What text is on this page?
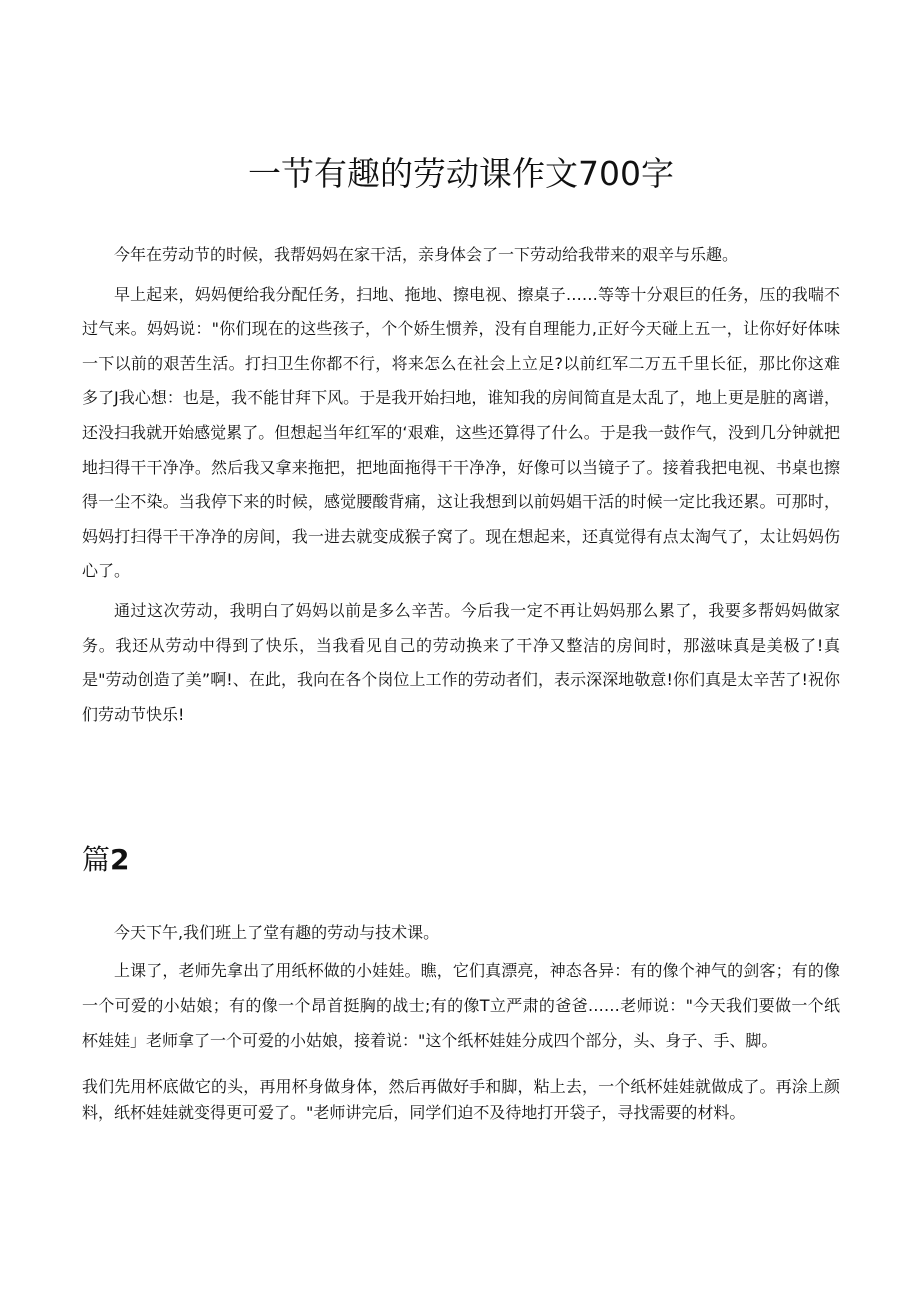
一节有趣的劳动课作文700字

今年在劳动节的时候，我帮妈妈在家干活，亲身体会了一下劳动给我带来的艰辛与乐趣。

早上起来，妈妈便给我分配任务，扫地、拖地、擦电视、擦桌子……等等十分艰巨的任务，压的我喘不过气来。妈妈说："你们现在的这些孩子，个个娇生惯养，没有自理能力,正好今天碰上五一，让你好好体味一下以前的艰苦生活。打扫卫生你都不行，将来怎么在社会上立足?以前红军二万五千里长征，那比你这难多了J我心想：也是，我不能甘拜下风。于是我开始扫地，谁知我的房间简直是太乱了，地上更是脏的离谱，还没扫我就开始感觉累了。但想起当年红军的‘艰难，这些还算得了什么。于是我一鼓作气，没到几分钟就把地扫得干干净净。然后我又拿来拖把，把地面拖得干干净净，好像可以当镜子了。接着我把电视、书桌也擦得一尘不染。当我停下来的时候，感觉腰酸背痛，这让我想到以前妈娼干活的时候一定比我还累。可那时，妈妈打扫得干干净净的房间，我一进去就变成猴子窝了。现在想起来，还真觉得有点太淘气了，太让妈妈伤心了。

通过这次劳动，我明白了妈妈以前是多么辛苦。今后我一定不再让妈妈那么累了，我要多帮妈妈做家务。我还从劳动中得到了快乐，当我看见自己的劳动换来了干净又整洁的房间时，那滋味真是美极了!真是"劳动创造了美”啊!、在此，我向在各个岗位上工作的劳动者们，表示深深地敬意!你们真是太辛苦了!祝你们劳动节快乐!

篇2

今天下午,我们班上了堂有趣的劳动与技术课。

上课了，老师先拿出了用纸杯做的小娃娃。瞧，它们真漂亮，神态各异：有的像个神气的剑客；有的像一个可爱的小姑娘；有的像一个昂首挺胸的战士;有的像T立严肃的爸爸……老师说："今天我们要做一个纸杯娃娃」老师拿了一个可爱的小姑娘，接着说："这个纸杯娃娃分成四个部分，头、身子、手、脚。

我们先用杯底做它的头，再用杯身做身体，然后再做好手和脚，粘上去，一个纸杯娃娃就做成了。再涂上颜料，纸杯娃娃就变得更可爱了。"老师讲完后，同学们迫不及待地打开袋子，寻找需要的材料。
